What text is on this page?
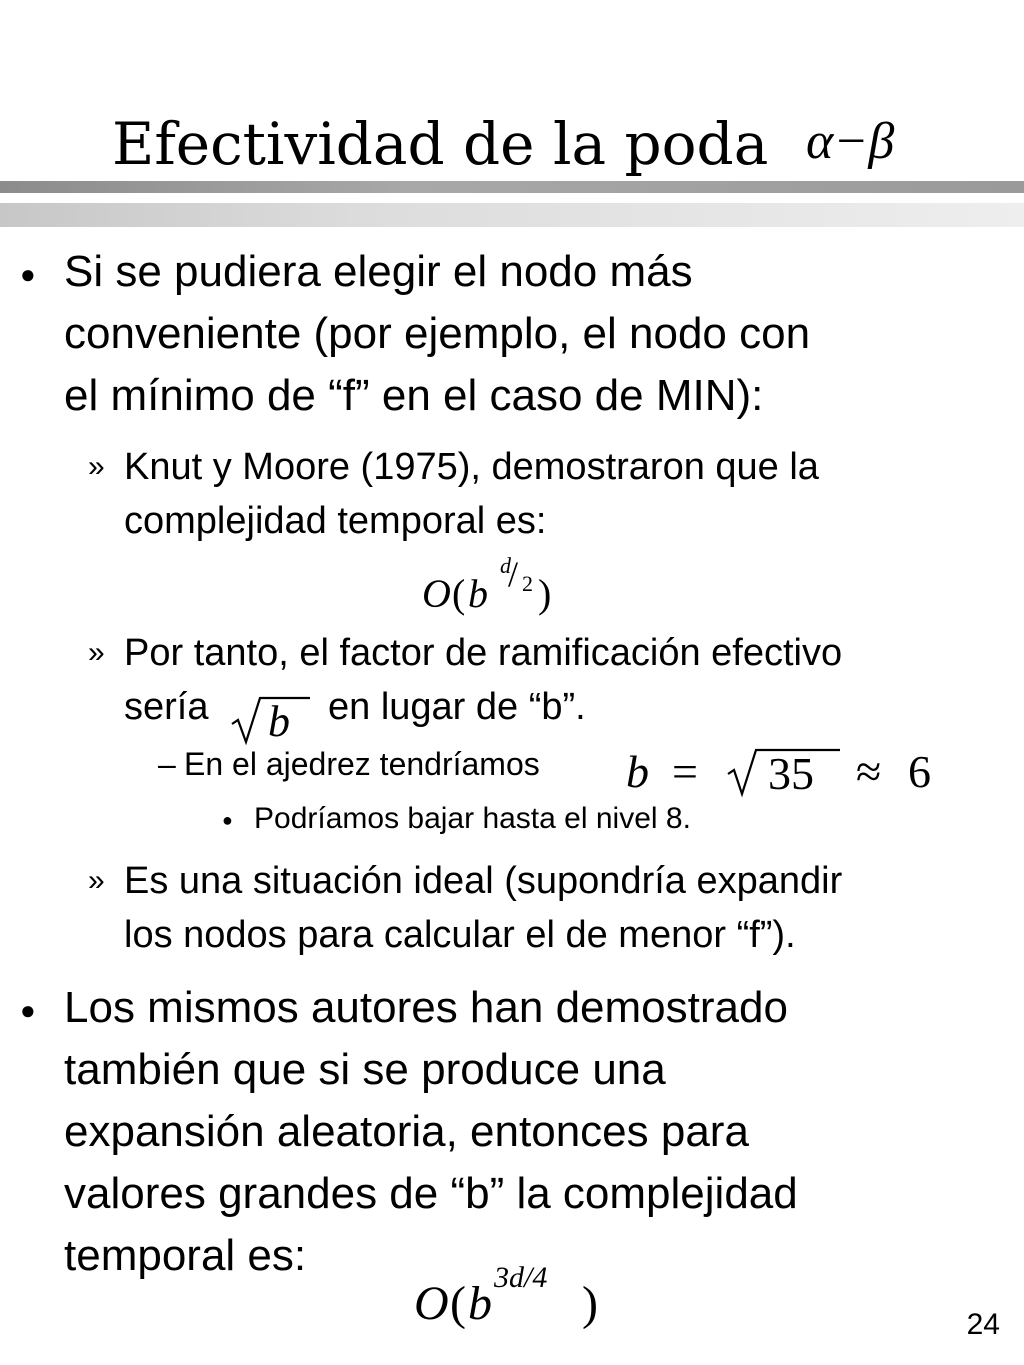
Efectividad de la poda α−β
● Si se pudiera elegir el nodo más
conveniente (por ejemplo, el nodo con
el mínimo de “f” en el caso de MIN):
» Knut y Moore (1975), demostraron que la
complejidad temporal es:
O ( b
d
/ 2 )
» Por tanto, el factor de ramificación efectivo
sería b en lugar de “b”.
– En el ajedrez tendríamos b = 35 ≈ 6
● Podríamos bajar hasta el nivel 8.
» Es una situación ideal (supondría expandir
los nodos para calcular el de menor “f”).
● Los mismos autores han demostrado
también que si se produce una
expansión aleatoria, entonces para
valores grandes de “b” la complejidad
temporal es:
O ( b 3d/4 )	24
